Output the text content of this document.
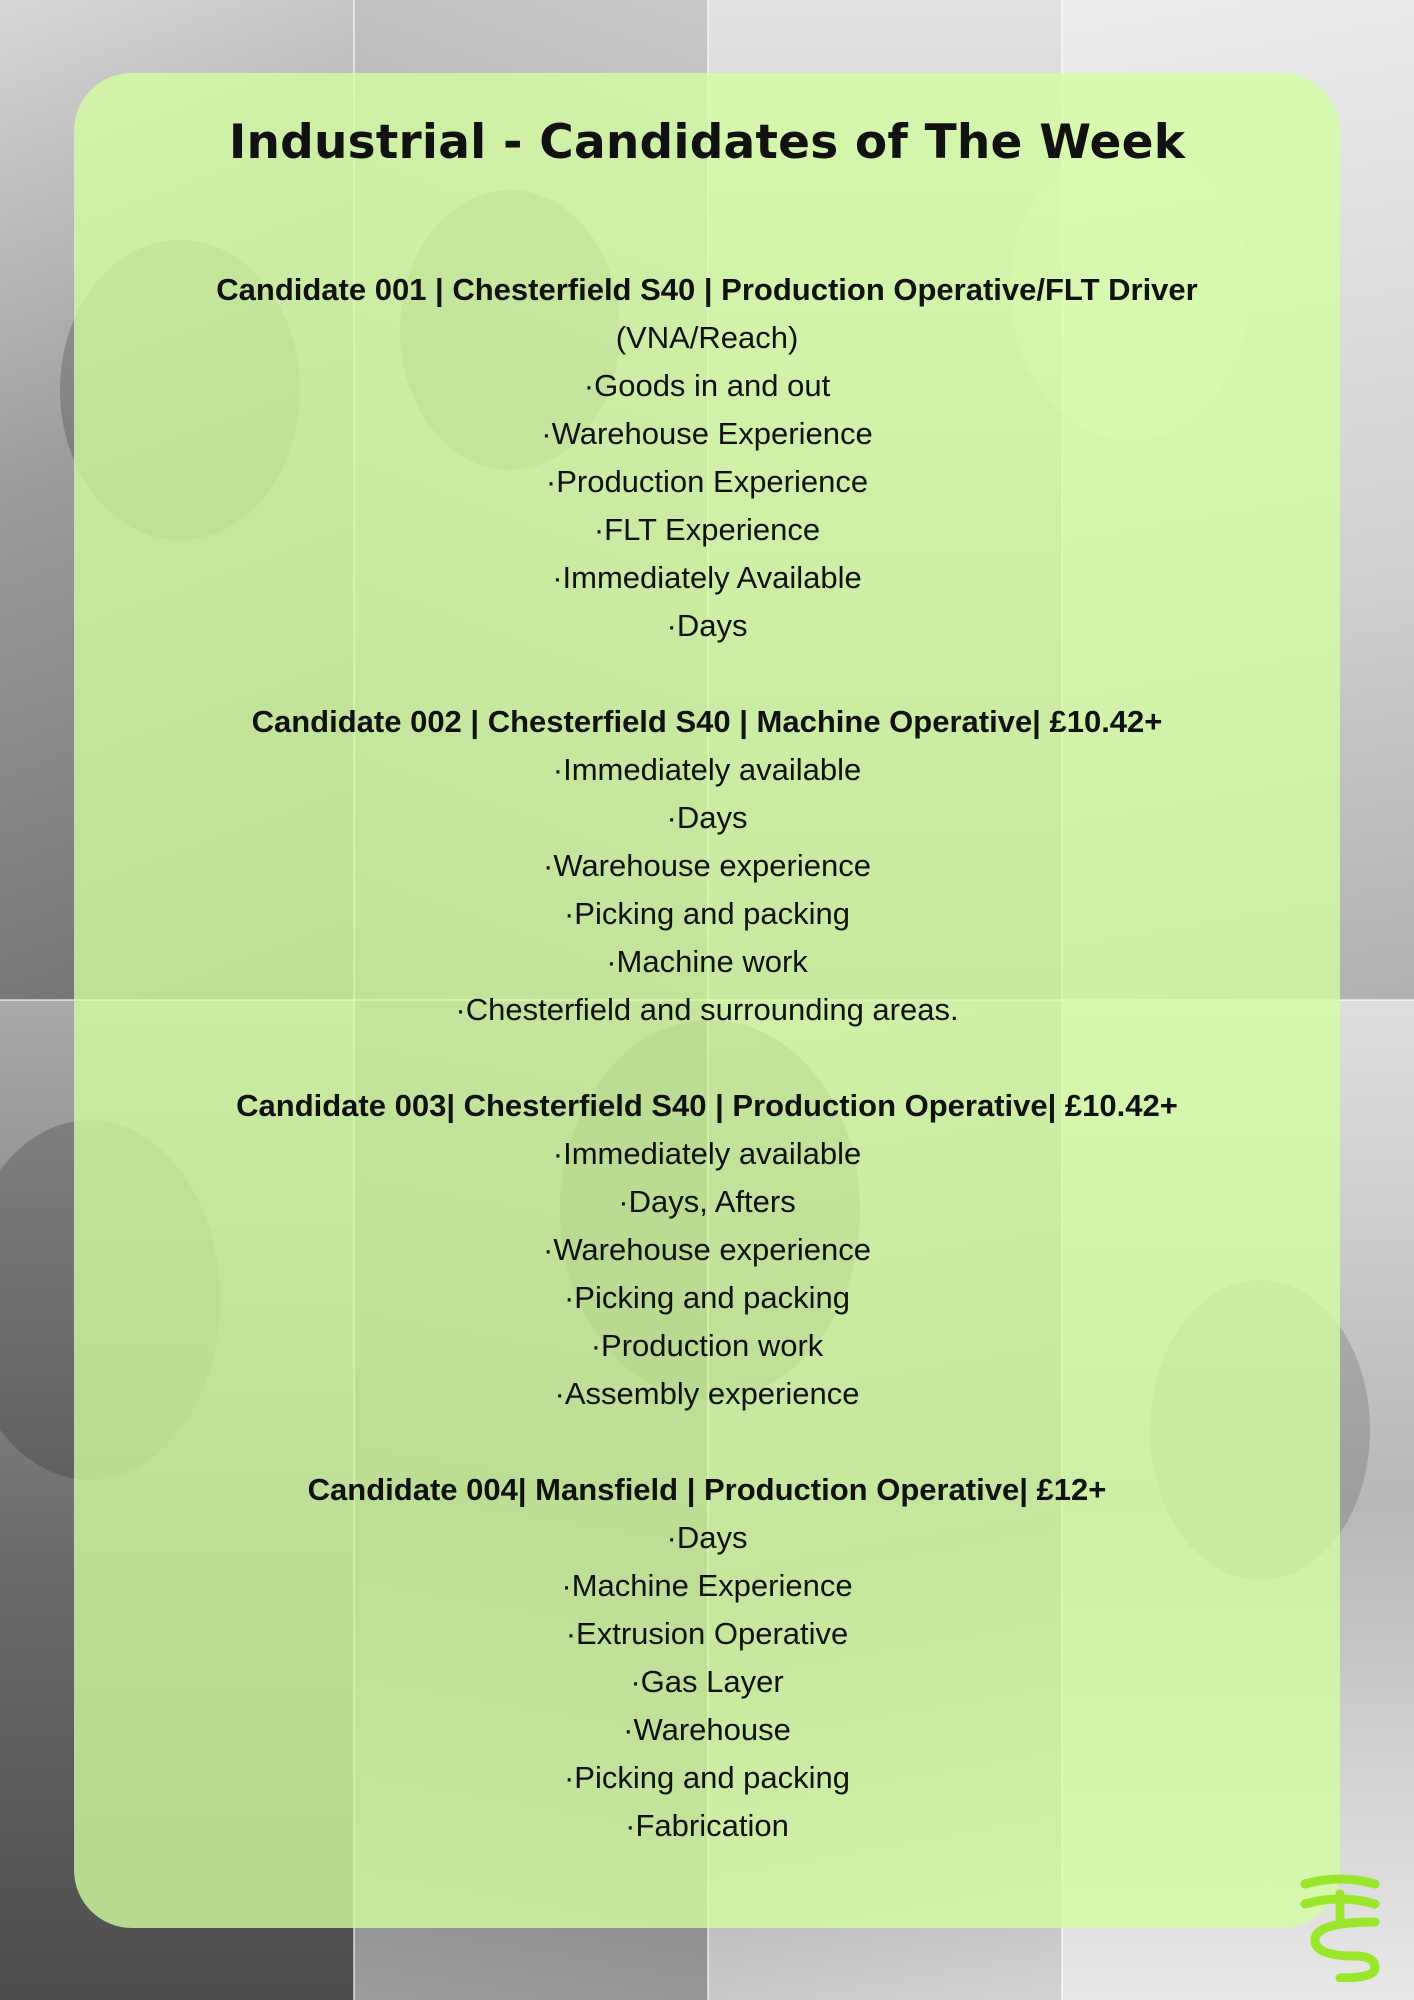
Industrial - Candidates of The Week

Candidate 001 | Chesterfield S40 | Production Operative/FLT Driver

(VNA/Reach)

·Goods in and out
·Warehouse Experience
·Production Experience
·FLT Experience
·Immediately Available
·Days

Candidate 002 | Chesterfield S40 | Machine Operative| £10.42+

·Immediately available
·Days
·Warehouse experience
·Picking and packing
·Machine work
·Chesterfield and surrounding areas.

Candidate 003| Chesterfield S40 | Production Operative| £10.42+

·Immediately available
·Days, Afters
·Warehouse experience
·Picking and packing
·Production work
·Assembly experience

Candidate 004| Mansfield | Production Operative| £12+

·Days
·Machine Experience
·Extrusion Operative
·Gas Layer
·Warehouse
·Picking and packing
·Fabrication
